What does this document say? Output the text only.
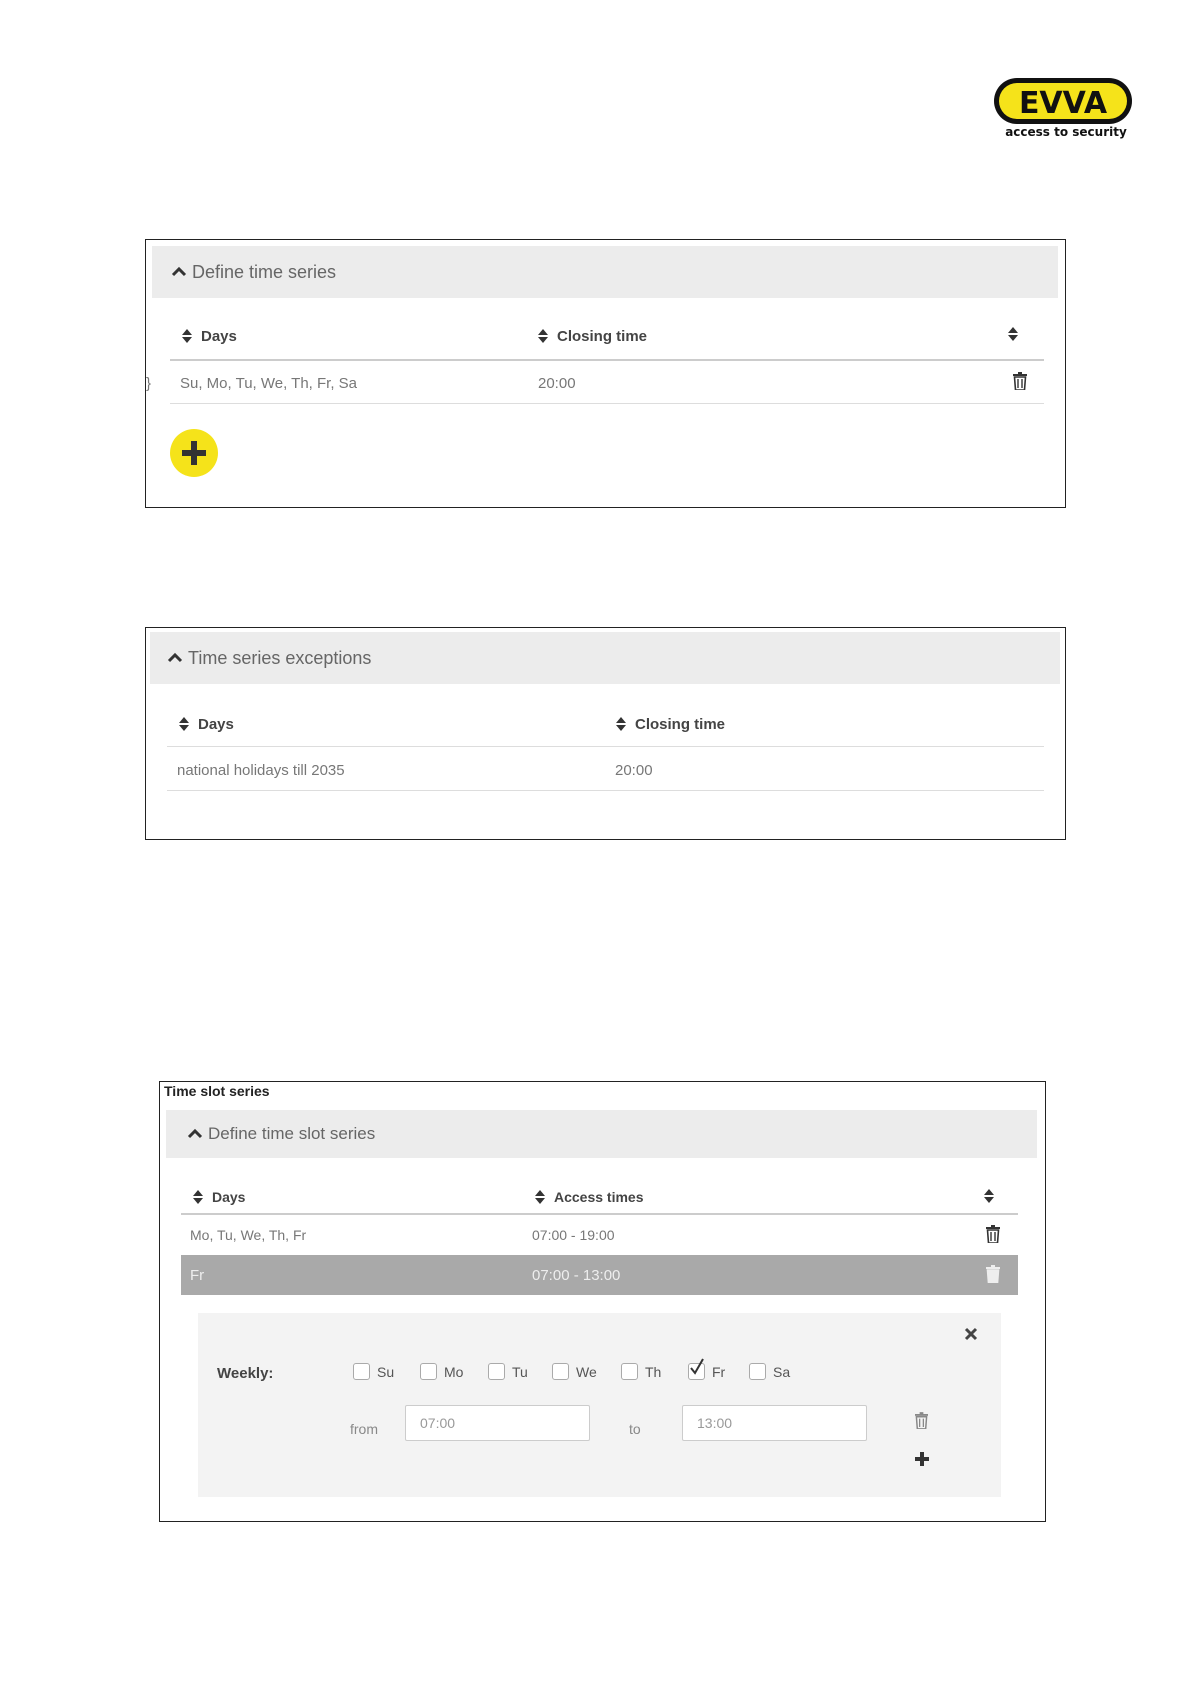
EVVA
access to security
Define time series
Days	Closing time
Su, Mo, Tu, We, Th, Fr, Sa	20:00
}
Time series exceptions
Days	Closing time
national holidays till 2035	20:00
Time slot series
Define time slot series
Days	Access times
Mo, Tu, We, Th, Fr	07:00 - 19:00
Fr	07:00 - 13:00
Weekly:	Su	Mo	Tu	We	Th	Fr	Sa
from
07:00	to
13:00
